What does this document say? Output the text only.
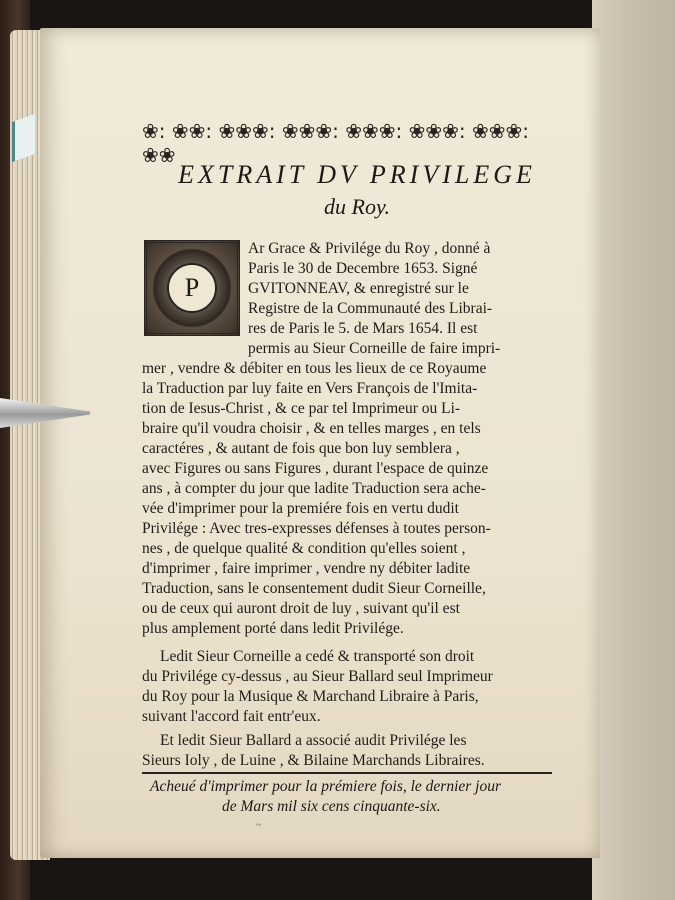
❀: ❀❀: ❀❀❀: ❀❀❀: ❀❀❀: ❀❀❀: ❀❀❀: ❀❀
EXTRAIT DV PRIVILEGE
du Roy.
P
Ar Grace & Privilége du Roy , donné à
Paris le 30 de Decembre 1653. Signé
GVITONNEAV, & enregistré sur le
Registre de la Communauté des Librai-
res de Paris le 5. de Mars 1654. Il est
permis au Sieur Corneille de faire impri-
mer , vendre & débiter en tous les lieux de ce Royaume
la Traduction par luy faite en Vers François de l'Imita-
tion de Iesus-Christ , & ce par tel Imprimeur ou Li-
braire qu'il voudra choisir , & en telles marges , en tels
caractéres , & autant de fois que bon luy semblera ,
avec Figures ou sans Figures , durant l'espace de quinze
ans , à compter du jour que ladite Traduction sera ache-
vée d'imprimer pour la premiére fois en vertu dudit
Privilége : Avec tres-expresses défenses à toutes person-
nes , de quelque qualité & condition qu'elles soient ,
d'imprimer , faire imprimer , vendre ny débiter ladite
Traduction, sans le consentement dudit Sieur Corneille,
ou de ceux qui auront droit de luy , suivant qu'il est
plus amplement porté dans ledit Privilége.
Ledit Sieur Corneille a cedé & transporté son droit
du Privilége cy-dessus , au Sieur Ballard seul Imprimeur
du Roy pour la Musique & Marchand Libraire à Paris,
suivant l'accord fait entr'eux.
Et ledit Sieur Ballard a associé audit Privilége les
Sieurs Ioly , de Luine , & Bilaine Marchands Libraires.
Acheué d'imprimer pour la prémiere fois, le dernier jour
de Mars mil six cens cinquante-six.
~
